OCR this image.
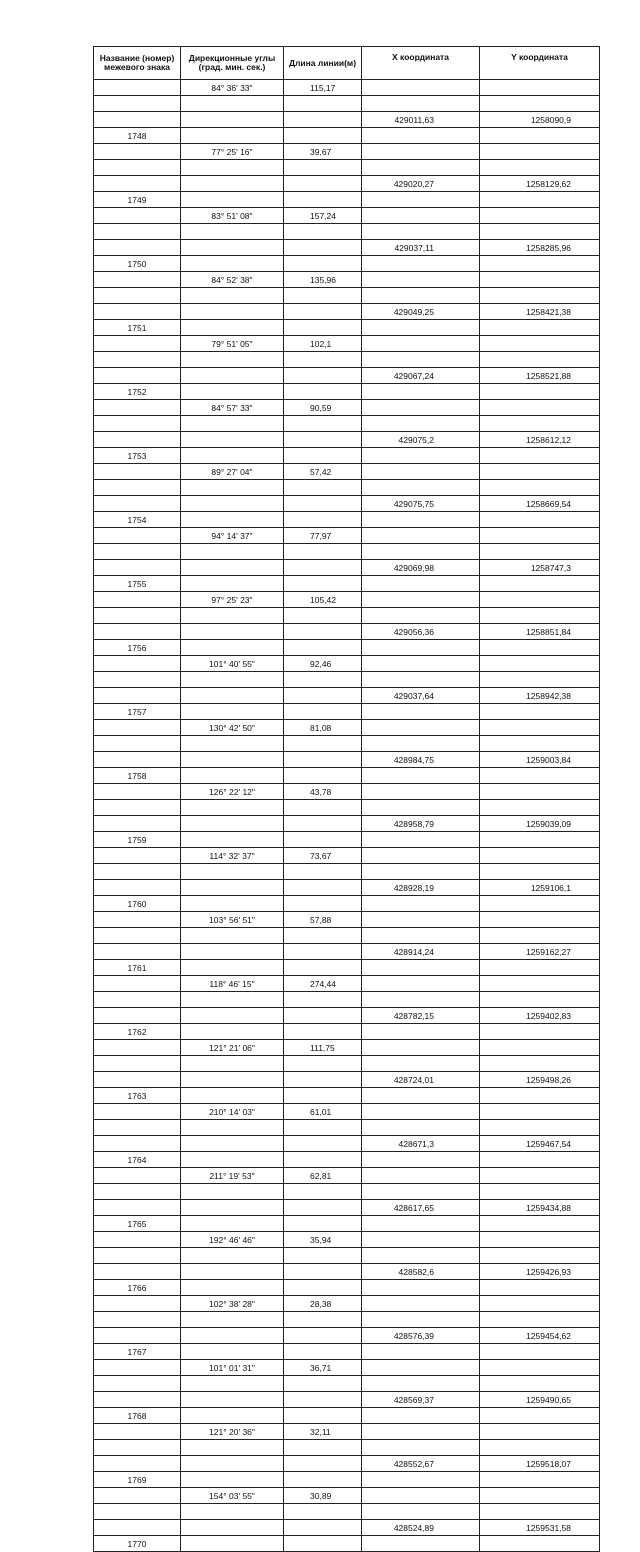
Название (номер) межевого знака	Дирекционные углы (град. мин. сек.)	Длина линии(м)	X координата	Y координата
	84° 36' 33"	115,17		

			429011,63	1258090,9
1748				
	77° 25' 16"	39,67		

			429020,27	1258129,62
1749				
	83° 51' 08"	157,24		

			429037,11	1258285,96
1750				
	84° 52' 38"	135,96		

			429049,25	1258421,38
1751				
	79° 51' 05"	102,1		

			429067,24	1258521,88
1752				
	84° 57' 33"	90,59		

			429075,2	1258612,12
1753				
	89° 27' 04"	57,42		

			429075,75	1258669,54
1754				
	94° 14' 37"	77,97		

			429069,98	1258747,3
1755				
	97° 25' 23"	105,42		

			429056,36	1258851,84
1756				
	101° 40' 55"	92,46		

			429037,64	1258942,38
1757				
	130° 42' 50"	81,08		

			428984,75	1259003,84
1758				
	126° 22' 12"	43,78		

			428958,79	1259039,09
1759				
	114° 32' 37"	73,67		

			428928,19	1259106,1
1760				
	103° 56' 51"	57,88		

			428914,24	1259162,27
1761				
	118° 46' 15"	274,44		

			428782,15	1259402,83
1762				
	121° 21' 06"	111,75		

			428724,01	1259498,26
1763				
	210° 14' 03"	61,01		

			428671,3	1259467,54
1764				
	211° 19' 53"	62,81		

			428617,65	1259434,88
1765				
	192° 46' 46"	35,94		

			428582,6	1259426,93
1766				
	102° 38' 28"	28,38		

			428576,39	1259454,62
1767				
	101° 01' 31"	36,71		

			428569,37	1259490,65
1768				
	121° 20' 36"	32,11		

			428552,67	1259518,07
1769				
	154° 03' 55"	30,89		

			428524,89	1259531,58
1770				
